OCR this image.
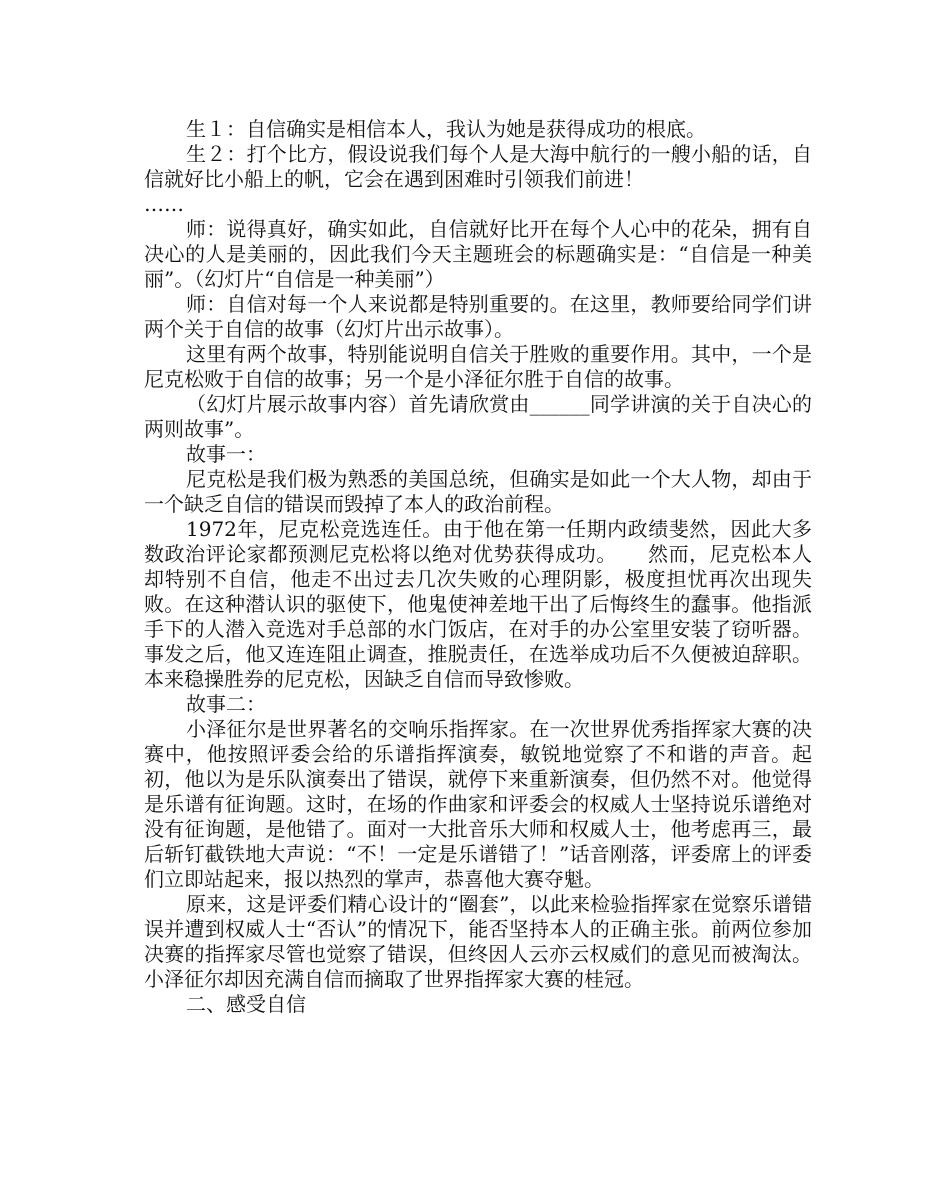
生１：自信确实是相信本人，我认为她是获得成功的根底。

生２：打个比方，假设说我们每个人是大海中航行的一艘小船的话，自信就好比小船上的帆，它会在遇到困难时引领我们前进！

……

师：说得真好，确实如此，自信就好比开在每个人心中的花朵，拥有自决心的人是美丽的，因此我们今天主题班会的标题确实是：“自信是一种美丽”。（幻灯片“自信是一种美丽”）

师：自信对每一个人来说都是特别重要的。在这里，教师要给同学们讲两个关于自信的故事（幻灯片出示故事）。

这里有两个故事，特别能说明自信关于胜败的重要作用。其中，一个是尼克松败于自信的故事；另一个是小泽征尔胜于自信的故事。

（幻灯片展示故事内容）首先请欣赏由______同学讲演的关于自决心的两则故事”。

故事一：

尼克松是我们极为熟悉的美国总统，但确实是如此一个大人物，却由于一个缺乏自信的错误而毁掉了本人的政治前程。

1972年，尼克松竞选连任。由于他在第一任期内政绩斐然，因此大多数政治评论家都预测尼克松将以绝对优势获得成功。　　然而，尼克松本人却特别不自信，他走不出过去几次失败的心理阴影，极度担忧再次出现失败。在这种潜认识的驱使下，他鬼使神差地干出了后悔终生的蠢事。他指派手下的人潜入竞选对手总部的水门饭店，在对手的办公室里安装了窃听器。事发之后，他又连连阻止调查，推脱责任，在选举成功后不久便被迫辞职。本来稳操胜券的尼克松，因缺乏自信而导致惨败。

故事二：

小泽征尔是世界著名的交响乐指挥家。在一次世界优秀指挥家大赛的决赛中，他按照评委会给的乐谱指挥演奏，敏锐地觉察了不和谐的声音。起初，他以为是乐队演奏出了错误，就停下来重新演奏，但仍然不对。他觉得是乐谱有征询题。这时，在场的作曲家和评委会的权威人士坚持说乐谱绝对没有征询题，是他错了。面对一大批音乐大师和权威人士，他考虑再三，最后斩钉截铁地大声说：“不！一定是乐谱错了！”话音刚落，评委席上的评委们立即站起来，报以热烈的掌声，恭喜他大赛夺魁。

原来，这是评委们精心设计的“圈套”，以此来检验指挥家在觉察乐谱错误并遭到权威人士“否认”的情况下，能否坚持本人的正确主张。前两位参加决赛的指挥家尽管也觉察了错误，但终因人云亦云权威们的意见而被淘汰。小泽征尔却因充满自信而摘取了世界指挥家大赛的桂冠。

二、感受自信
